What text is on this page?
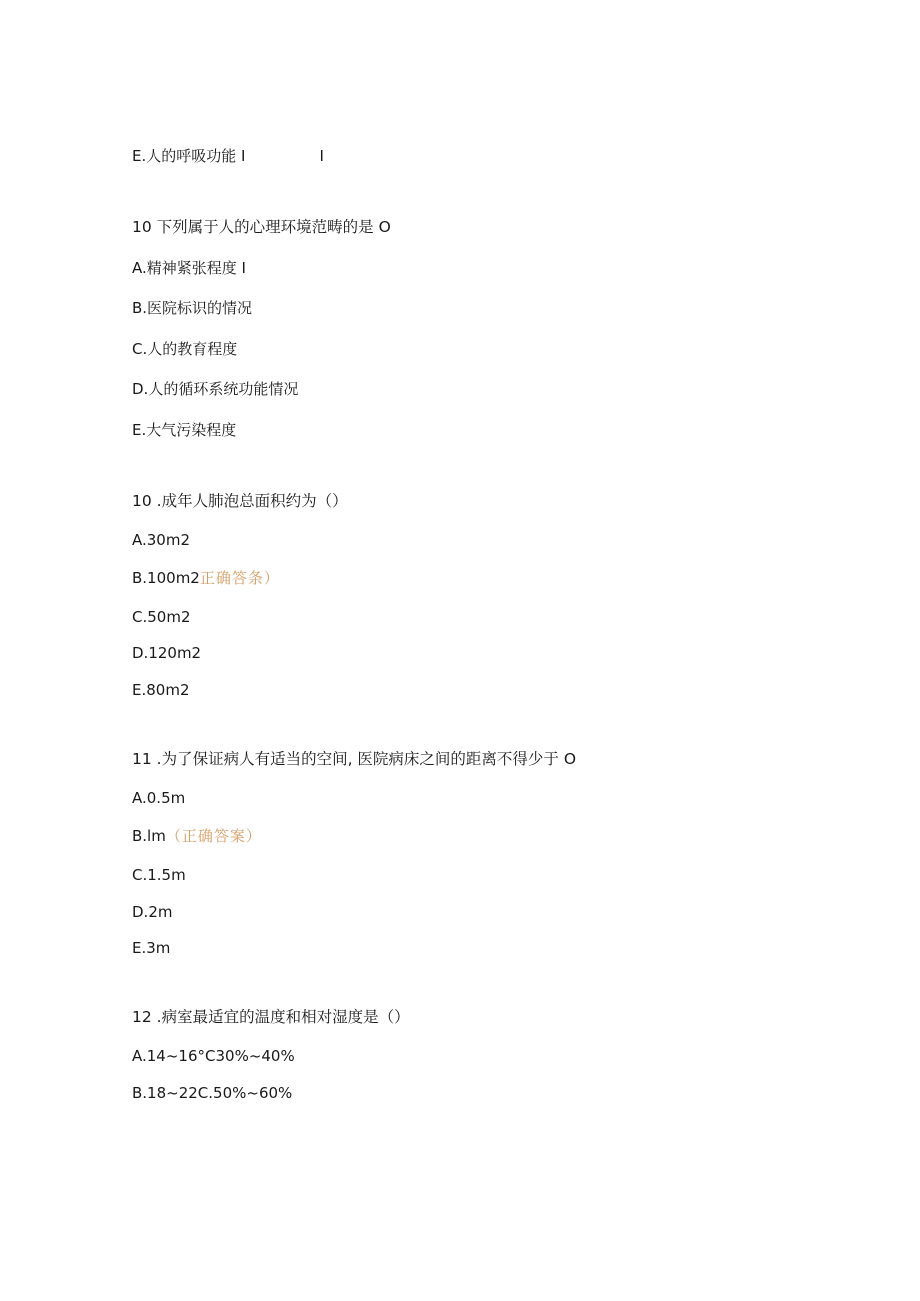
E.人的呼吸功能 I	I
10 下列属于人的心理环境范畴的是 O
A.精神紧张程度 I
B.医院标识的情况
C.人的教育程度
D.人的循环系统功能情况
E.大气污染程度
10 .成年人肺泡总面积约为（）
A.30m2
B.100m2正确答条）
C.50m2
D.120m2
E.80m2
11 .为了保证病人有适当的空间, 医院病床之间的距离不得少于 O
A.0.5m
B.lm（正确答案）
C.1.5m
D.2m
E.3m
12 .病室最适宜的温度和相对湿度是（）
A.14~16°C30%~40%
B.18~22C.50%~60%
